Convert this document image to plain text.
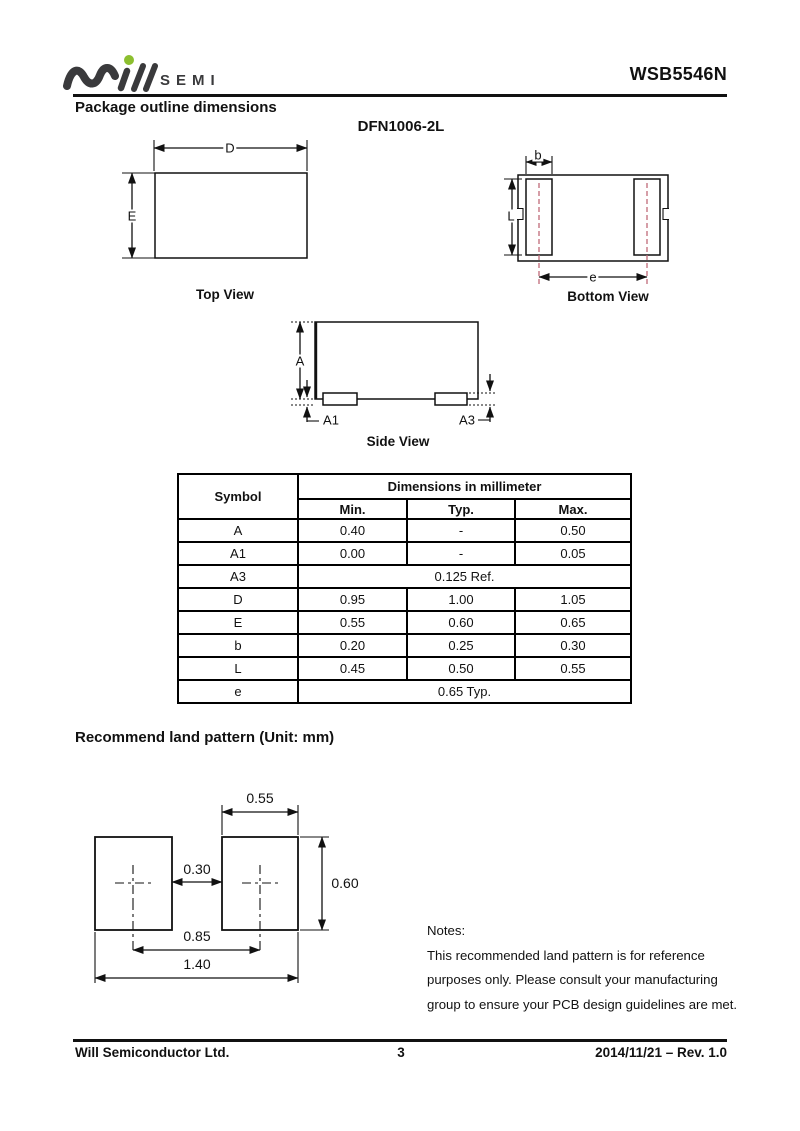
SEMI	WSB5546N
Package outline dimensions
DFN1006-2L
D
E
Top View
b
L
e
Bottom View
A
A1	A3
Side View
Symbol	Dimensions in millimeter		
	Min.	Typ.	Max.
A	0.40	-	0.50
A1	0.00	-	0.05
A3	0.125 Ref.		
D	0.95	1.00	1.05
E	0.55	0.60	0.65
b	0.20	0.25	0.30
L	0.45	0.50	0.55
e	0.65 Typ.		
Recommend land pattern (Unit: mm)
0.55
0.30
0.60
0.85
1.40
Notes:
This recommended land pattern is for reference
purposes only. Please consult your manufacturing
group to ensure your PCB design guidelines are met.
Will Semiconductor Ltd.	3	2014/11/21 – Rev. 1.0
